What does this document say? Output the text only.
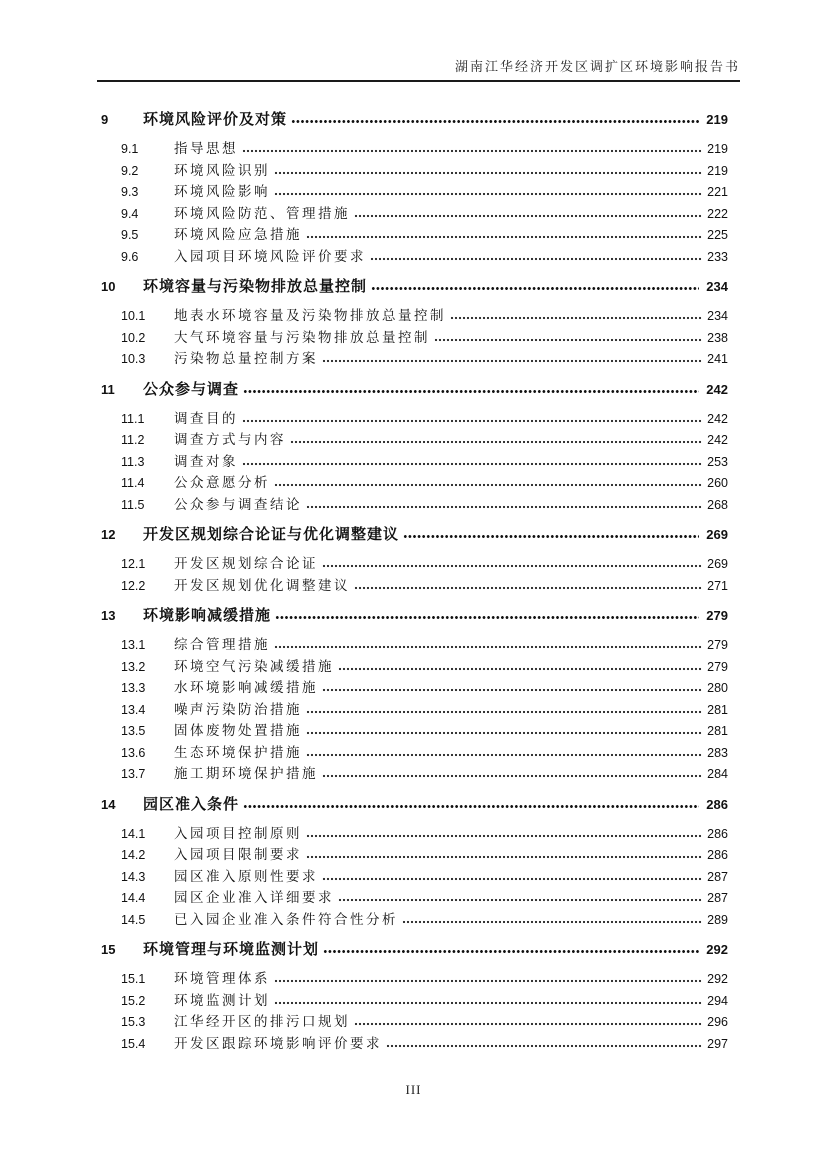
湖南江华经济开发区调扩区环境影响报告书
9	环境风险评价及对策	219
9.1	指导思想	219
9.2	环境风险识别	219
9.3	环境风险影响	221
9.4	环境风险防范、管理措施	222
9.5	环境风险应急措施	225
9.6	入园项目环境风险评价要求	233
10	环境容量与污染物排放总量控制	234
10.1	地表水环境容量及污染物排放总量控制	234
10.2	大气环境容量与污染物排放总量控制	238
10.3	污染物总量控制方案	241
11	公众参与调查	242
11.1	调查目的	242
11.2	调查方式与内容	242
11.3	调查对象	253
11.4	公众意愿分析	260
11.5	公众参与调查结论	268
12	开发区规划综合论证与优化调整建议	269
12.1	开发区规划综合论证	269
12.2	开发区规划优化调整建议	271
13	环境影响减缓措施	279
13.1	综合管理措施	279
13.2	环境空气污染减缓措施	279
13.3	水环境影响减缓措施	280
13.4	噪声污染防治措施	281
13.5	固体废物处置措施	281
13.6	生态环境保护措施	283
13.7	施工期环境保护措施	284
14	园区准入条件	286
14.1	入园项目控制原则	286
14.2	入园项目限制要求	286
14.3	园区准入原则性要求	287
14.4	园区企业准入详细要求	287
14.5	已入园企业准入条件符合性分析	289
15	环境管理与环境监测计划	292
15.1	环境管理体系	292
15.2	环境监测计划	294
15.3	江华经开区的排污口规划	296
15.4	开发区跟踪环境影响评价要求	297
III
